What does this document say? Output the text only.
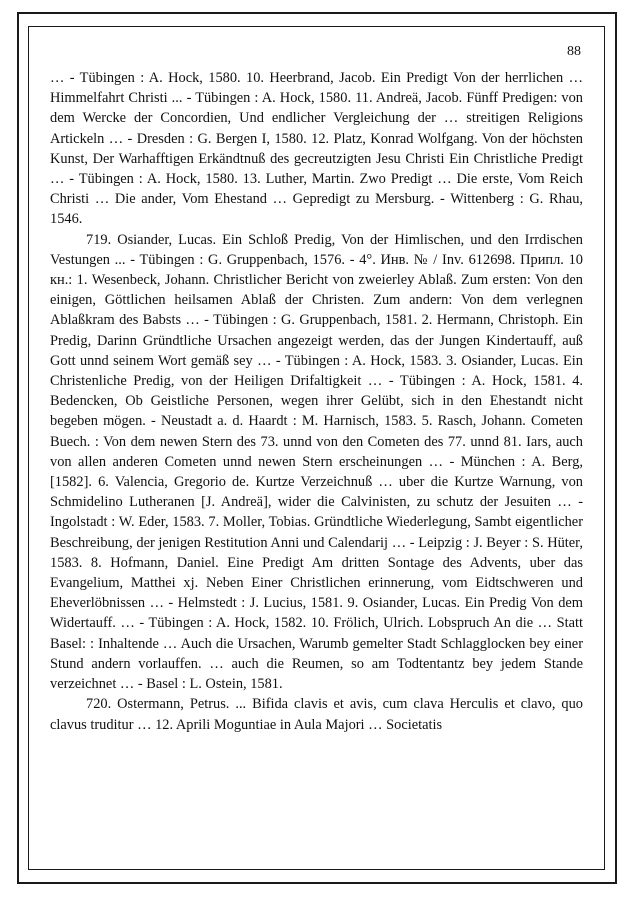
88

… - Tübingen : A. Hock, 1580. 10. Heerbrand, Jacob. Ein Predigt Von der herrlichen … Himmelfahrt Christi ... - Tübingen : A. Hock, 1580. 11. Andreä, Jacob. Fünff Predigen: von dem Wercke der Concordien, Und endlicher Vergleichung der … streitigen Religions Artickeln … - Dresden : G. Bergen I, 1580. 12. Platz, Konrad Wolfgang. Von der höchsten Kunst, Der Warhafftigen Erkändtnuß des gecreutzigten Jesu Christi Ein Christliche Predigt … - Tübingen : A. Hock, 1580. 13. Luther, Martin. Zwo Predigt … Die erste, Vom Reich Christi … Die ander, Vom Ehestand … Gepredigt zu Mersburg. - Wittenberg : G. Rhau, 1546.

719. Osiander, Lucas. Ein Schloß Predig, Von der Himlischen, und den Irrdischen Vestungen ... - Tübingen : G. Gruppenbach, 1576. - 4°. Инв. № / Inv. 612698. Припл. 10 кн.: 1. Wesenbeck, Johann. Christlicher Bericht von zweierley Ablaß. Zum ersten: Von den einigen, Göttlichen heilsamen Ablaß der Christen. Zum andern: Von dem verlegnen Ablaßkram des Babsts … - Tübingen : G. Gruppenbach, 1581. 2. Hermann, Christoph. Ein Predig, Darinn Gründtliche Ursachen angezeigt werden, das der Jungen Kindertauff, auß Gott unnd seinem Wort gemäß sey … - Tübingen : A. Hock, 1583. 3. Osiander, Lucas. Ein Christenliche Predig, von der Heiligen Drifaltigkeit … - Tübingen : A. Hock, 1581. 4. Bedencken, Ob Geistliche Personen, wegen ihrer Gelübt, sich in den Ehestandt nicht begeben mögen. - Neustadt a. d. Haardt : M. Harnisch, 1583. 5. Rasch, Johann. Cometen Buech. : Von dem newen Stern des 73. unnd von den Cometen des 77. unnd 81. Iars, auch von allen anderen Cometen unnd newen Stern erscheinungen … - München : A. Berg, [1582]. 6. Valencia, Gregorio de. Kurtze Verzeichnuß … uber die Kurtze Warnung, von Schmidelino Lutheranen [J. Andreä], wider die Calvinisten, zu schutz der Jesuiten … - Ingolstadt : W. Eder, 1583. 7. Moller, Tobias. Gründtliche Wiederlegung, Sambt eigentlicher Beschreibung, der jenigen Restitution Anni und Calendarij … - Leipzig : J. Beyer : S. Hüter, 1583. 8. Hofmann, Daniel. Eine Predigt Am dritten Sontage des Advents, uber das Evangelium, Matthei xj. Neben Einer Christlichen erinnerung, vom Eidtschweren und Eheverlöbnissen … - Helmstedt : J. Lucius, 1581. 9. Osiander, Lucas. Ein Predig Von dem Widertauff. … - Tübingen : A. Hock, 1582. 10. Frölich, Ulrich. Lobspruch An die … Statt Basel: : Inhaltende … Auch die Ursachen, Warumb gemelter Stadt Schlagglocken bey einer Stund andern vorlauffen. … auch die Reumen, so am Todtentantz bey jedem Stande verzeichnet … - Basel : L. Ostein, 1581.

720. Ostermann, Petrus. ... Bifida clavis et avis, cum clava Herculis et clavo, quo clavus truditur … 12. Aprili Moguntiae in Aula Majori … Societatis
